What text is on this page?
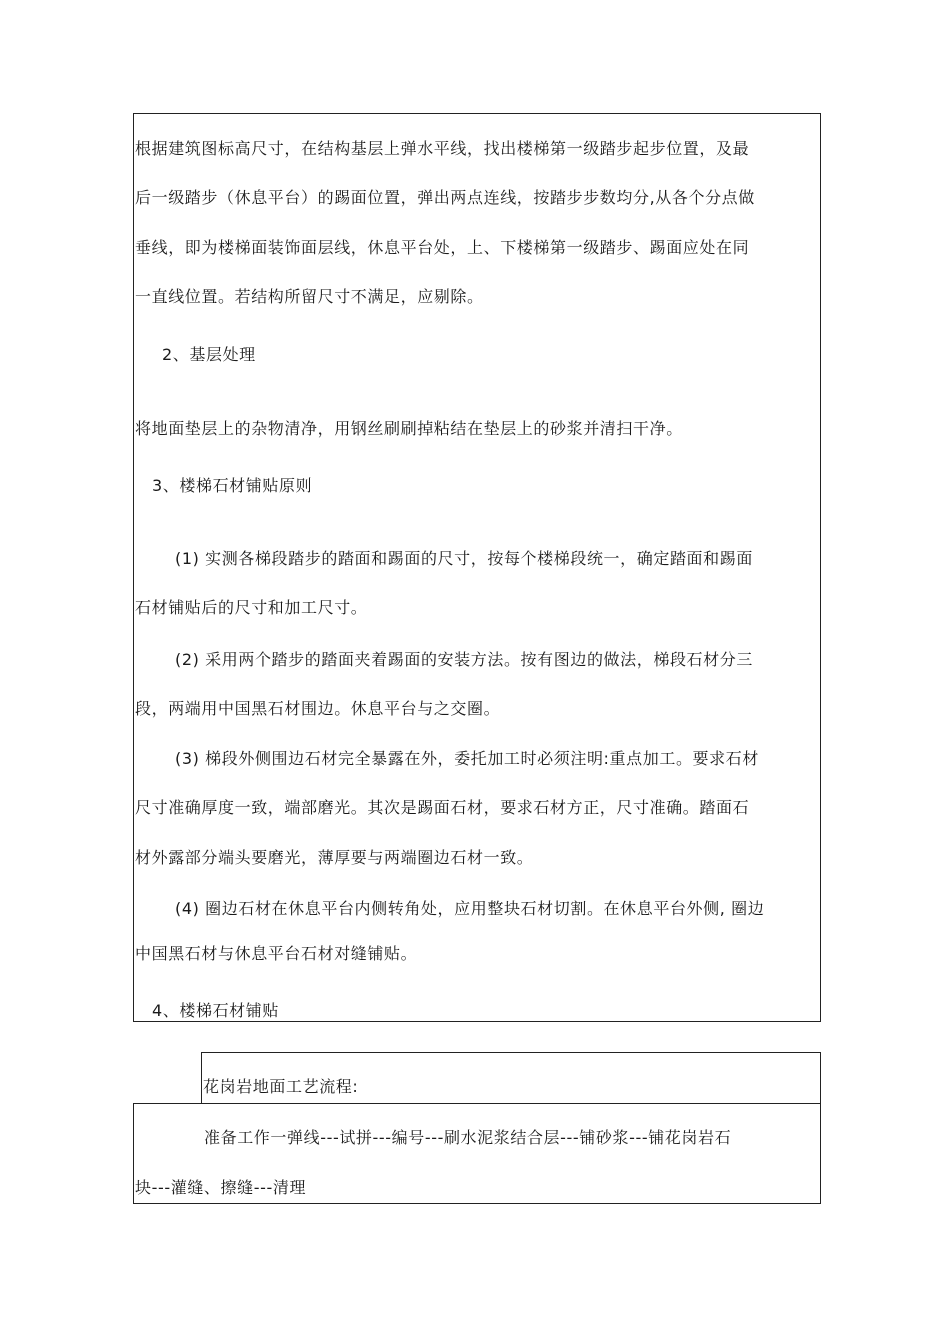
根据建筑图标高尺寸，在结构基层上弹水平线，找出楼梯第一级踏步起步位置，及最
后一级踏步（休息平台）的踢面位置，弹出两点连线，按踏步步数均分,从各个分点做
垂线，即为楼梯面装饰面层线，休息平台处，上、下楼梯第一级踏步、踢面应处在同
一直线位置。若结构所留尺寸不满足，应剔除。
2、基层处理
将地面垫层上的杂物清净，用钢丝刷刷掉粘结在垫层上的砂浆并清扫干净。
3、楼梯石材铺贴原则
(1) 实测各梯段踏步的踏面和踢面的尺寸，按每个楼梯段统一，确定踏面和踢面
石材铺贴后的尺寸和加工尺寸。
(2) 采用两个踏步的踏面夹着踢面的安装方法。按有图边的做法，梯段石材分三
段，两端用中国黑石材围边。休息平台与之交圈。
(3) 梯段外侧围边石材完全暴露在外，委托加工时必须注明:重点加工。要求石材
尺寸准确厚度一致，端部磨光。其次是踢面石材，要求石材方正，尺寸准确。踏面石
材外露部分端头要磨光，薄厚要与两端圈边石材一致。
(4) 圈边石材在休息平台内侧转角处，应用整块石材切割。在休息平台外侧, 圈边
中国黑石材与休息平台石材对缝铺贴。
4、楼梯石材铺贴
花岗岩地面工艺流程:
准备工作一弹线---试拼---编号---刷水泥浆结合层---铺砂浆---铺花岗岩石
块---灌缝、擦缝---清理
